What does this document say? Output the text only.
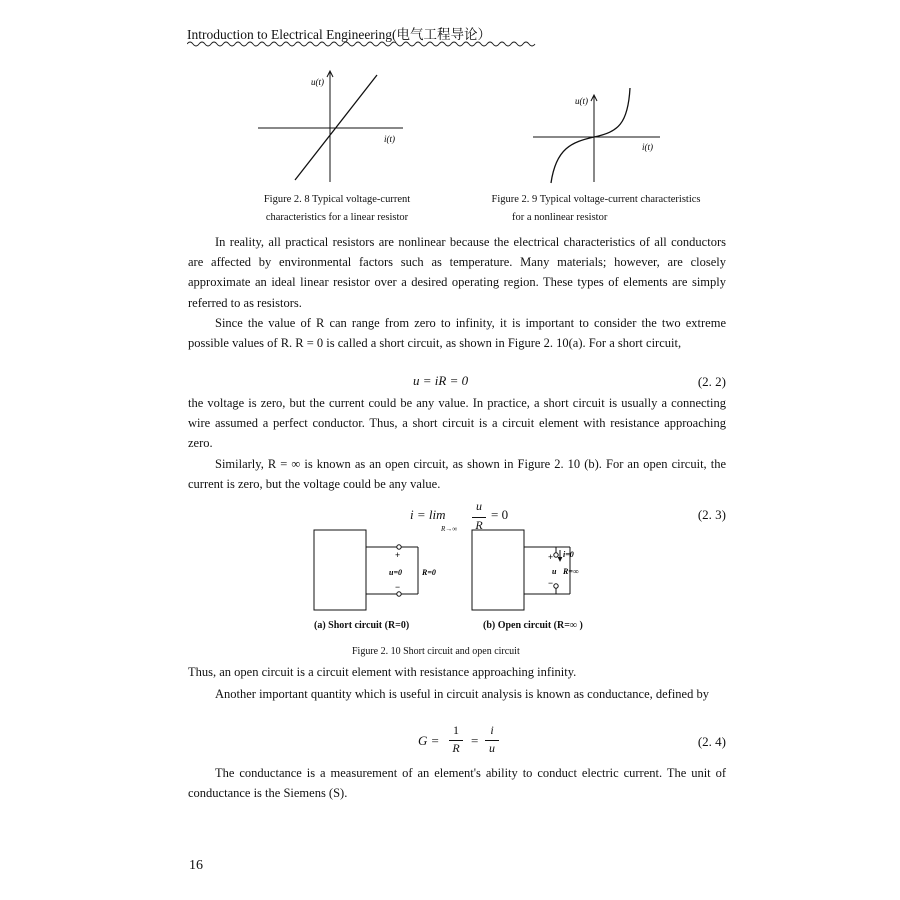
Introduction to Electrical Engineering(电气工程导论）
u(t)
i(t)
Figure 2. 8 Typical voltage-current
characteristics for a linear resistor
u(t)
i(t)
Figure 2. 9 Typical voltage-current characteristics
for a nonlinear resistor

In reality, all practical resistors are nonlinear because the electrical characteristics of all conductors are affected by environmental factors such as temperature. Many materials; however, are closely approximate an ideal linear resistor over a desired operating region. These types of elements are simply referred to as resistors.

Since the value of R can range from zero to infinity, it is important to consider the two extreme possible values of R. R = 0 is called a short circuit, as shown in Figure 2. 10(a). For a short circuit,

u = iR = 0	(2. 2)

the voltage is zero, but the current could be any value. In practice, a short circuit is usually a connecting wire assumed a perfect conductor. Thus, a short circuit is a circuit element with resistance approaching zero.

Similarly, R = ∞ is known as an open circuit, as shown in Figure 2. 10 (b). For an open circuit, the current is zero, but the voltage could be any value.

i = lim
R→∞
u
R
= 0	(2. 3)
+
−
u=0 R=0
+
−
i=0
u R=∞
(a) Short circuit (R=0)	(b) Open circuit (R=∞ )
Figure 2. 10 Short circuit and open circuit

Thus, an open circuit is a circuit element with resistance approaching infinity.

Another important quantity which is useful in circuit analysis is known as conductance, defined by

G =
1
R =
i
u	(2. 4)

The conductance is a measurement of an element's ability to conduct electric current. The unit of conductance is the Siemens (S).

16
